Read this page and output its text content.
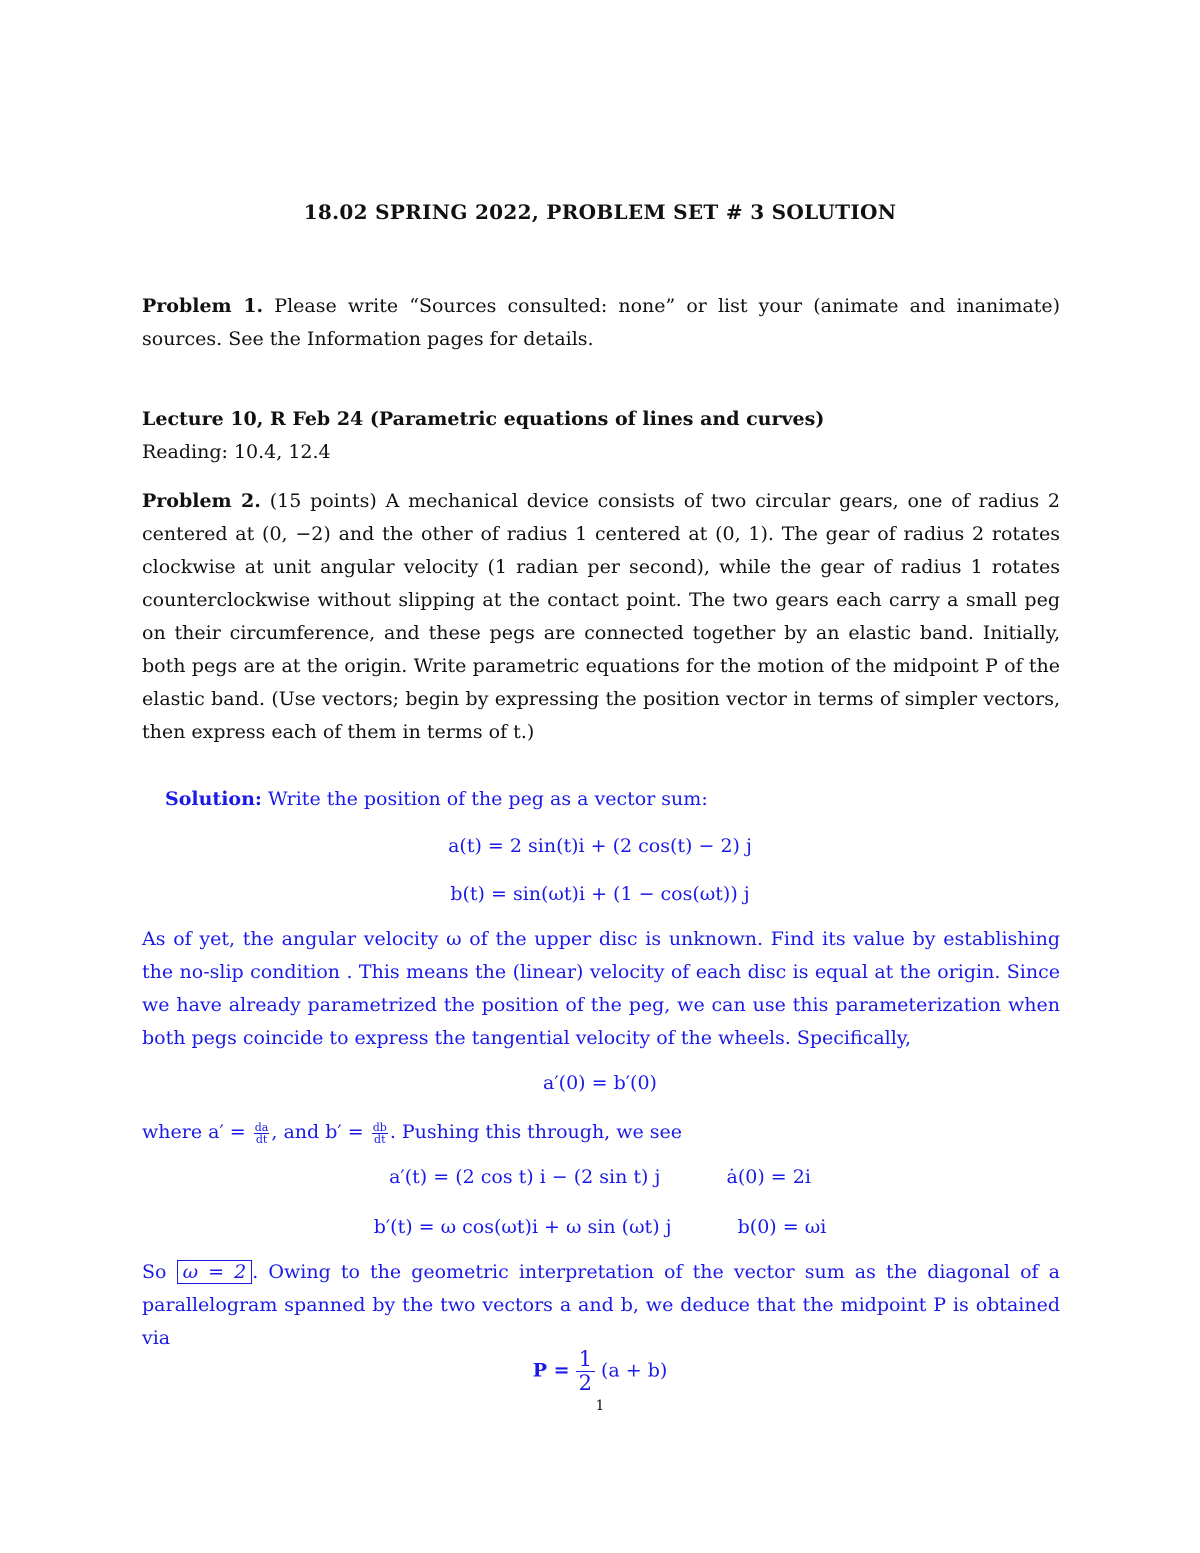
18.02 SPRING 2022, PROBLEM SET # 3 SOLUTION
Problem 1. Please write “Sources consulted: none” or list your (animate and inanimate) sources. See the Information pages for details.
Lecture 10, R Feb 24 (Parametric equations of lines and curves)
Reading: 10.4, 12.4
Problem 2. (15 points) A mechanical device consists of two circular gears, one of radius 2 centered at (0, −2) and the other of radius 1 centered at (0, 1). The gear of radius 2 rotates clockwise at unit angular velocity (1 radian per second), while the gear of radius 1 rotates counterclockwise without slipping at the contact point. The two gears each carry a small peg on their circumference, and these pegs are connected together by an elastic band. Initially, both pegs are at the origin. Write parametric equations for the motion of the midpoint P of the elastic band. (Use vectors; begin by expressing the position vector in terms of simpler vectors, then express each of them in terms of t.)
Solution: Write the position of the peg as a vector sum:
a(t) = 2 sin(t)i + (2 cos(t) − 2) j
b(t) = sin(ωt)i + (1 − cos(ωt)) j
As of yet, the angular velocity ω of the upper disc is unknown. Find its value by establishing the no-slip condition . This means the (linear) velocity of each disc is equal at the origin. Since we have already parametrized the position of the peg, we can use this parameterization when both pegs coincide to express the tangential velocity of the wheels. Specifically,
a′(0) = b′(0)
where $a' = \frac{da}{dt}$ , and $b' = \frac{db}{dt}$ . Pushing this through, we see
a′(t) = (2 cos t) i − (2 sin t) j	ȧ(0) = 2i
b′(t) = ω cos(ωt)i + ω sin (ωt) j	b(0) = ωi
So ω = 2 . Owing to the geometric interpretation of the vector sum as the diagonal of a parallelogram spanned by the two vectors a and b, we deduce that the midpoint P is obtained via
$P = \frac{1}{2} (a + b)$
1
